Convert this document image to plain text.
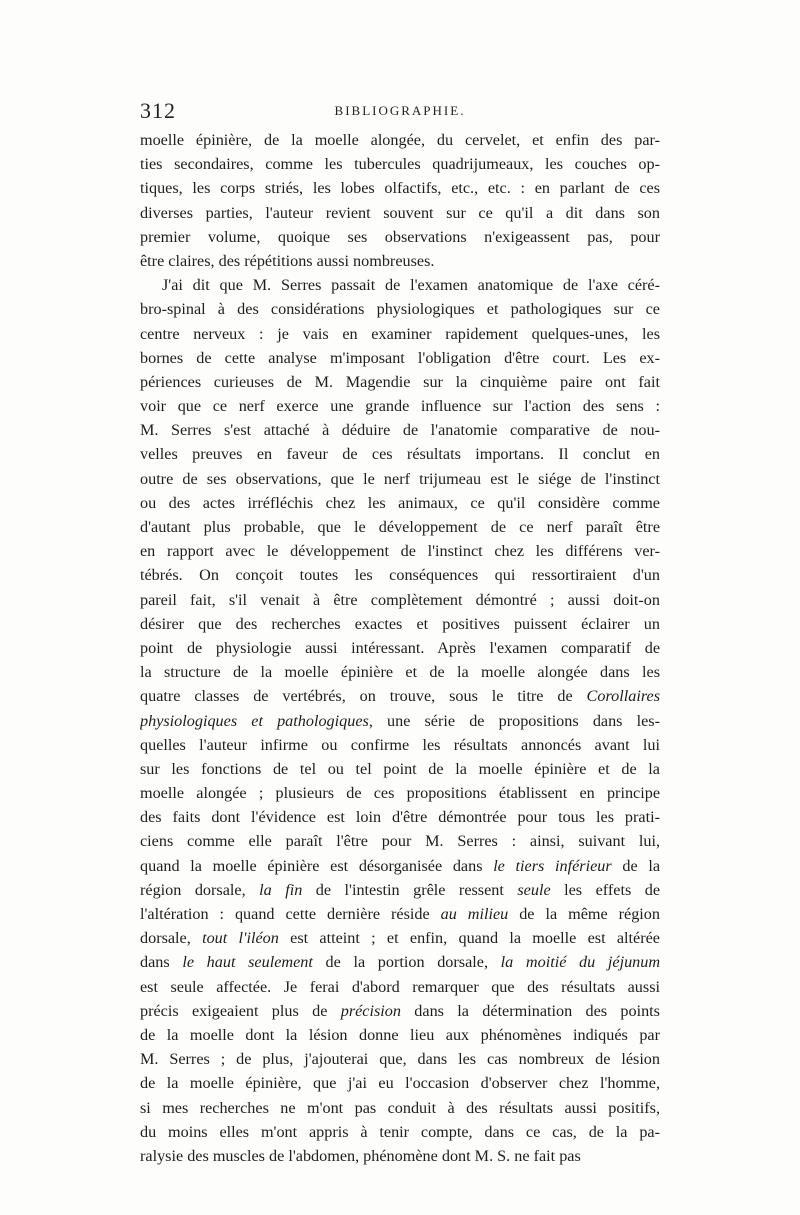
312	BIBLIOGRAPHIE.
moelle épinière, de la moelle alongée, du cervelet, et enfin des par-
ties secondaires, comme les tubercules quadrijumeaux, les couches op-
tiques, les corps striés, les lobes olfactifs, etc., etc. : en parlant de ces
diverses parties, l'auteur revient souvent sur ce qu'il a dit dans son
premier volume, quoique ses observations n'exigeassent pas, pour
être claires, des répétitions aussi nombreuses.
J'ai dit que M. Serres passait de l'examen anatomique de l'axe céré-
bro-spinal à des considérations physiologiques et pathologiques sur ce
centre nerveux : je vais en examiner rapidement quelques-unes, les
bornes de cette analyse m'imposant l'obligation d'être court. Les ex-
périences curieuses de M. Magendie sur la cinquième paire ont fait
voir que ce nerf exerce une grande influence sur l'action des sens :
M. Serres s'est attaché à déduire de l'anatomie comparative de nou-
velles preuves en faveur de ces résultats importans. Il conclut en
outre de ses observations, que le nerf trijumeau est le siége de l'instinct
ou des actes irréfléchis chez les animaux, ce qu'il considère comme
d'autant plus probable, que le développement de ce nerf paraît être
en rapport avec le développement de l'instinct chez les différens ver-
tébrés. On conçoit toutes les conséquences qui ressortiraient d'un
pareil fait, s'il venait à être complètement démontré ; aussi doit-on
désirer que des recherches exactes et positives puissent éclairer un
point de physiologie aussi intéressant. Après l'examen comparatif de
la structure de la moelle épinière et de la moelle alongée dans les
quatre classes de vertébrés, on trouve, sous le titre de Corollaires
physiologiques et pathologiques, une série de propositions dans les-
quelles l'auteur infirme ou confirme les résultats annoncés avant lui
sur les fonctions de tel ou tel point de la moelle épinière et de la
moelle alongée ; plusieurs de ces propositions établissent en principe
des faits dont l'évidence est loin d'être démontrée pour tous les prati-
ciens comme elle paraît l'être pour M. Serres : ainsi, suivant lui,
quand la moelle épinière est désorganisée dans le tiers inférieur de la
région dorsale, la fin de l'intestin grêle ressent seule les effets de
l'altération : quand cette dernière réside au milieu de la même région
dorsale, tout l'iléon est atteint ; et enfin, quand la moelle est altérée
dans le haut seulement de la portion dorsale, la moitié du jéjunum
est seule affectée. Je ferai d'abord remarquer que des résultats aussi
précis exigeaient plus de précision dans la détermination des points
de la moelle dont la lésion donne lieu aux phénomènes indiqués par
M. Serres ; de plus, j'ajouterai que, dans les cas nombreux de lésion
de la moelle épinière, que j'ai eu l'occasion d'observer chez l'homme,
si mes recherches ne m'ont pas conduit à des résultats aussi positifs,
du moins elles m'ont appris à tenir compte, dans ce cas, de la pa-
ralysie des muscles de l'abdomen, phénomène dont M. S. ne fait pas
